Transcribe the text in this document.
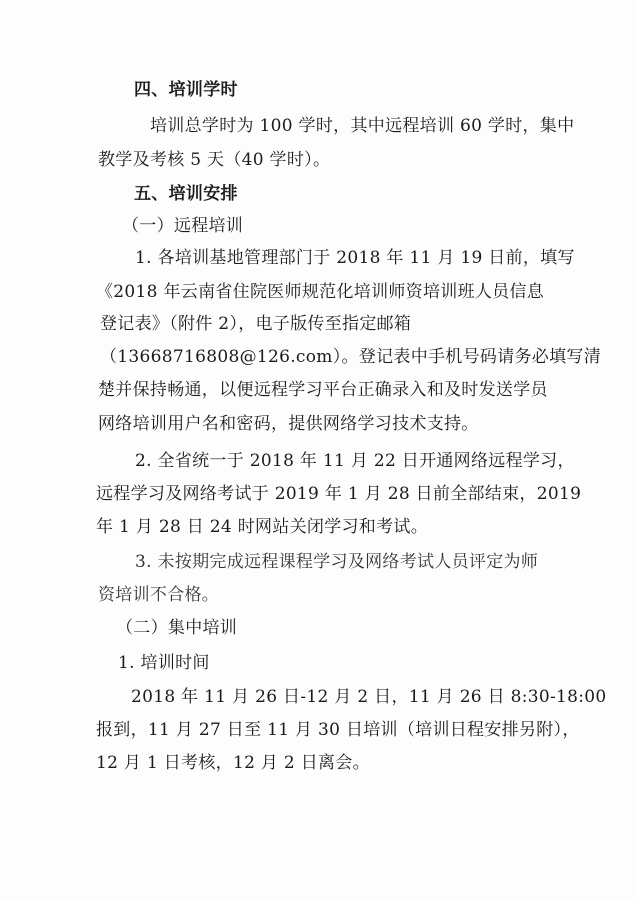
四、培训学时
培训总学时为 100 学时，其中远程培训 60 学时，集中
教学及考核 5 天（40 学时）。
五、培训安排
（一）远程培训
1. 各培训基地管理部门于 2018 年 11 月 19 日前，填写
《2018 年云南省住院医师规范化培训师资培训班人员信息
登记表》（附件 2），电子版传至指定邮箱
（13668716808@126.com）。登记表中手机号码请务必填写清
楚并保持畅通，以便远程学习平台正确录入和及时发送学员
网络培训用户名和密码，提供网络学习技术支持。
2. 全省统一于 2018 年 11 月 22 日开通网络远程学习，
远程学习及网络考试于 2019 年 1 月 28 日前全部结束，2019
年 1 月 28 日 24 时网站关闭学习和考试。
3. 未按期完成远程课程学习及网络考试人员评定为师
资培训不合格。
（二）集中培训
1. 培训时间
2018 年 11 月 26 日-12 月 2 日，11 月 26 日 8:30-18:00
报到，11 月 27 日至 11 月 30 日培训（培训日程安排另附），
12 月 1 日考核，12 月 2 日离会。
